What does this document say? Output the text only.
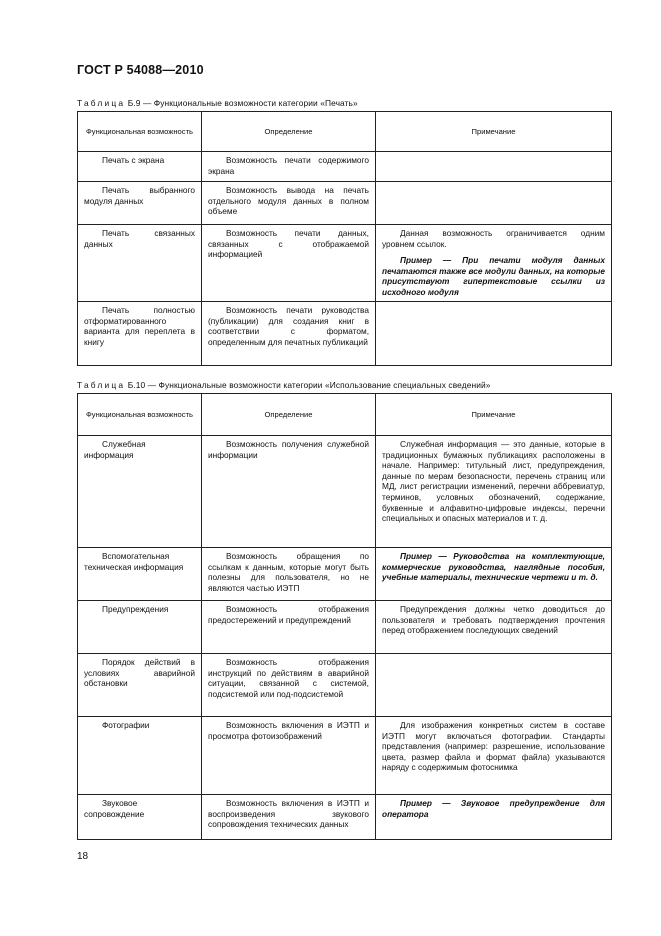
ГОСТ Р 54088—2010
Таблица Б.9 — Функциональные возможности категории «Печать»
Функциональная возможность	Определение	Примечание
Печать с экрана	Возможность печати содержимого экрана	
Печать выбранного модуля данных	Возможность вывода на печать отдельного модуля данных в полном объеме	
Печать связанных данных	Возможность печати данных, связанных с отображаемой информацией	Данная возможность ограничивается одним уровнем ссылок.

Пример — При печати модуля данных печатаются также все модули данных, на которые присутствуют гипертекстовые ссылки из исходного модуля

Печать полностью отформатированного варианта для переплета в книгу	Возможность печати руководства (публикации) для создания книг в соответствии с форматом, определенным для печатных публикаций	
Таблица Б.10 — Функциональные возможности категории «Использование специальных сведений»
Функциональная возможность	Определение	Примечание
Служебная информация	Возможность получения служебной информации	Служебная информация — это данные, которые в традиционных бумажных публикациях расположены в начале. Например: титульный лист, предупреждения, данные по мерам безопасности, перечень страниц или МД, лист регистрации изменений, перечни аббревиатур, терминов, условных обозначений, содержание, буквенные и алфавитно-цифровые индексы, перечни специальных и опасных материалов и т. д.

Вспомогательная техническая информация	Возможность обращения по ссылкам к данным, которые могут быть полезны для пользователя, но не являются частью ИЭТП	Пример — Руководства на комплектующие, коммерческие руководства, наглядные пособия, учебные материалы, технические чертежи и т. д.

Предупреждения	Возможность отображения предостережений и предупреждений	Предупреждения должны четко доводиться до пользователя и требовать подтверждения прочтения перед отображением последующих сведений

Порядок действий в условиях аварийной обстановки	Возможность отображения инструкций по действиям в аварийной ситуации, связанной с системой, подсистемой или под-подсистемой	
Фотографии	Возможность включения в ИЭТП и просмотра фотоизображений	Для изображения конкретных систем в составе ИЭТП могут включаться фотографии. Стандарты представления (например: разрешение, использование цвета, размер файла и формат файла) указываются наряду с содержимым фотоснимка

Звуковое сопровождение	Возможность включения в ИЭТП и воспроизведения звукового сопровождения технических данных	Пример — Звуковое предупреждение для оператора

18
